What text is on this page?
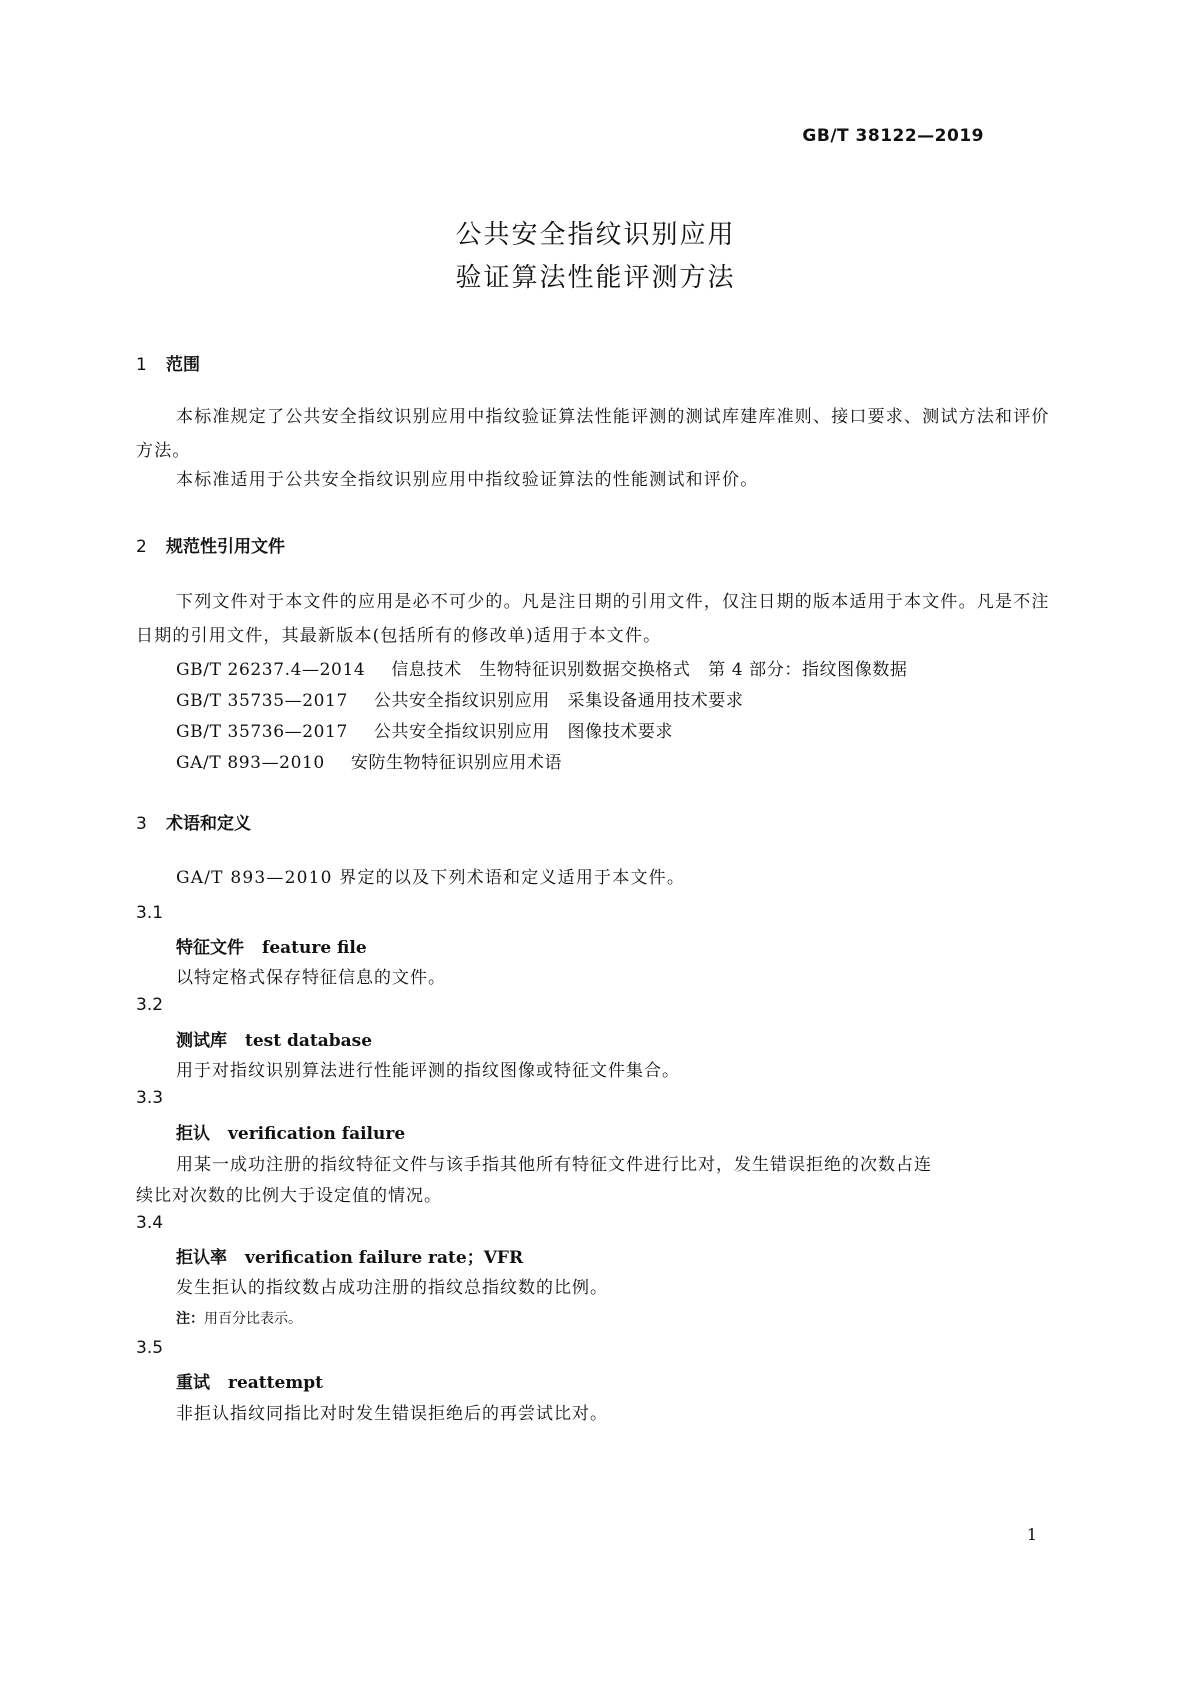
GB/T 38122—2019
公共安全指纹识别应用
验证算法性能评测方法
1 范围
本标准规定了公共安全指纹识别应用中指纹验证算法性能评测的测试库建库准则、接口要求、测试方法和评价方法。
本标准适用于公共安全指纹识别应用中指纹验证算法的性能测试和评价。
2 规范性引用文件
下列文件对于本文件的应用是必不可少的。凡是注日期的引用文件，仅注日期的版本适用于本文件。凡是不注日期的引用文件，其最新版本(包括所有的修改单)适用于本文件。
GB/T 26237.4—2014 信息技术　生物特征识别数据交换格式　第 4 部分：指纹图像数据
GB/T 35735—2017 公共安全指纹识别应用　采集设备通用技术要求
GB/T 35736—2017 公共安全指纹识别应用　图像技术要求
GA/T 893—2010 安防生物特征识别应用术语
3 术语和定义
GA/T 893—2010 界定的以及下列术语和定义适用于本文件。
3.1
特征文件 feature file
以特定格式保存特征信息的文件。
3.2
测试库 test database
用于对指纹识别算法进行性能评测的指纹图像或特征文件集合。
3.3
拒认 verification failure
用某一成功注册的指纹特征文件与该手指其他所有特征文件进行比对，发生错误拒绝的次数占连
续比对次数的比例大于设定值的情况。
3.4
拒认率 verification failure rate；VFR
发生拒认的指纹数占成功注册的指纹总指纹数的比例。
注：用百分比表示。
3.5
重试 reattempt
非拒认指纹同指比对时发生错误拒绝后的再尝试比对。
1
